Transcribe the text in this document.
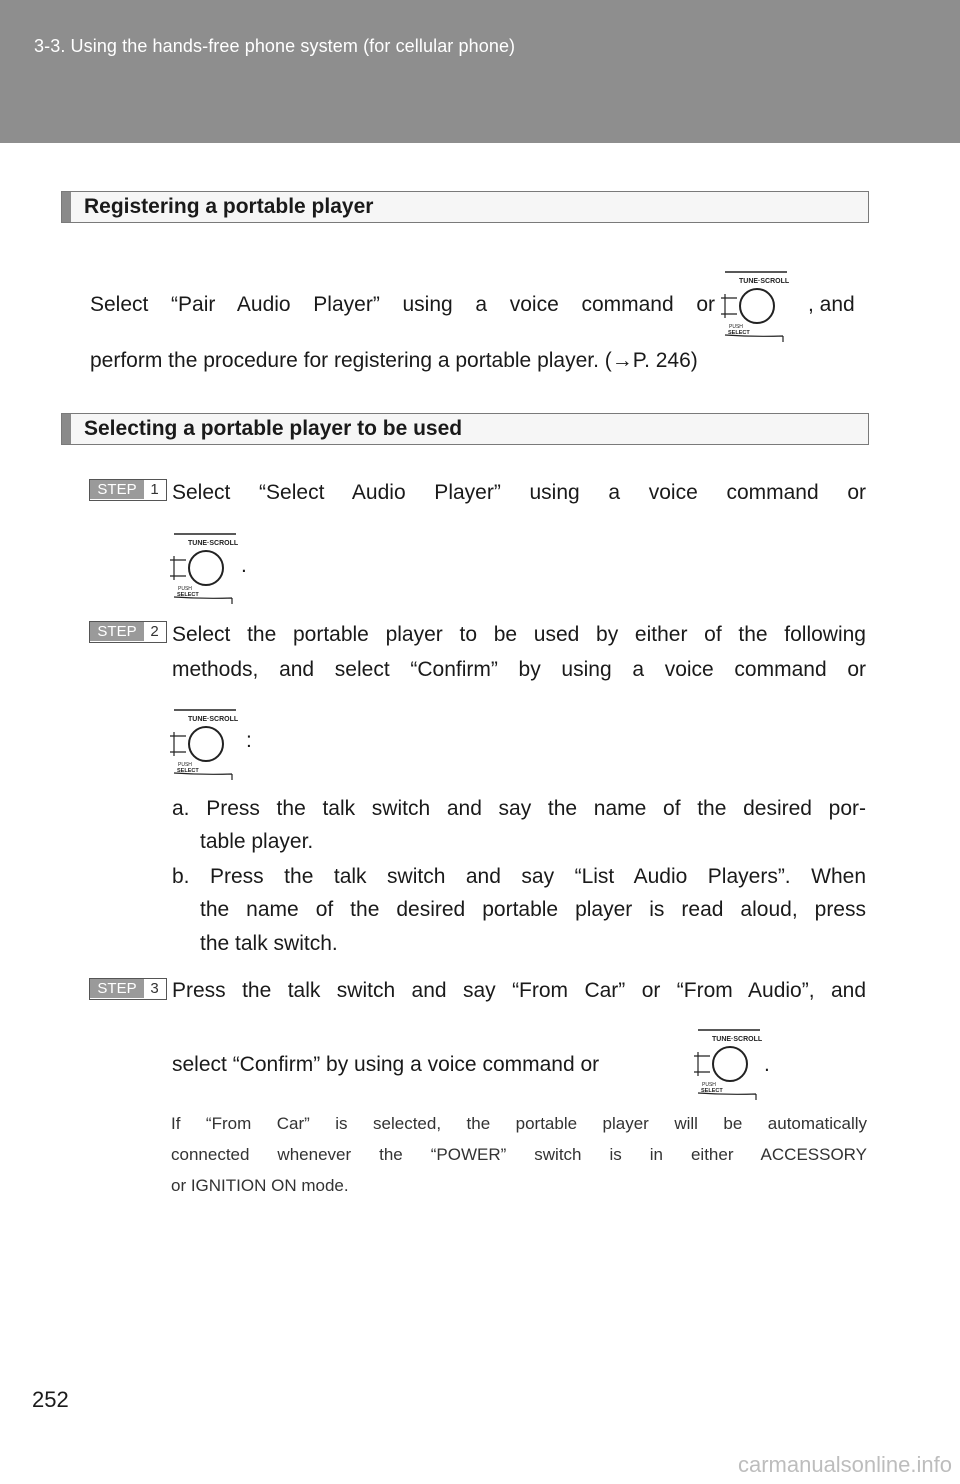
3-3. Using the hands-free phone system (for cellular phone)
Registering a portable player
Select “Pair Audio Player” using a voice command or
TUNE·SCROLL
PUSH
SELECT
, and
perform the procedure for registering a portable player. (→P. 246)
Selecting a portable player to be used
STEP 1 Select “Select Audio Player” using a voice command or
TUNE·SCROLL
PUSH
SELECT
.
STEP 2 Select the portable player to be used by either of the following
methods, and select “Confirm” by using a voice command or
TUNE·SCROLL
PUSH
SELECT
:
a. Press the talk switch and say the name of the desired por-
table player.
b. Press the talk switch and say “List Audio Players”. When
the name of the desired portable player is read aloud, press
the talk switch.
STEP 3 Press the talk switch and say “From Car” or “From Audio”, and
select “Confirm” by using a voice command or
TUNE·SCROLL
PUSH
SELECT
.
If “From Car” is selected, the portable player will be automatically
connected whenever the “POWER” switch is in either ACCESSORY
or IGNITION ON mode.
252
carmanualsonline.info
